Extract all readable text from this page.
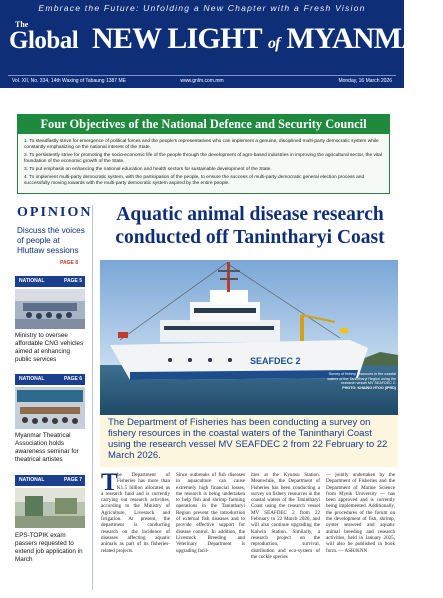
Embrace the Future: Unfolding a New Chapter with a Fresh Vision
The
Global NEW LIGHT of MYANMAR
Vol. XII, No. 334, 14th Waxing of Tabaung 1387 ME	www.gnlm.com.mm	Monday, 16 March 2026
Four Objectives of the National Defence and Security Council
1. To steadfastly strive for emergence of political forces and the people's representatives who can implement a genuine, disciplined multi-party democratic system while constantly emphasizing on the national interest of the State.
2. To persistently strive for promoting the socio-economic life of the people through the development of agro-based industries in improving the agricultural sector, the vital foundation of the economic growth of the State.
3. To put emphasis on enhancing the national education and health sectors for sustainable development of the State.
4. To implement multi-party democratic system, with the participation of the people, to ensure the success of multi-party democratic general election process and successfully moving towards with the multi-party democratic system aspired by the entire people.
OPINION
Discuss the voices of people at Hluttaw sessions
PAGE 8
NATIONAL	PAGE 5
Ministry to oversee affordable CNG vehicles aimed at enhancing public services
NATIONAL	PAGE 6
Myanmar Theatrical Association holds awareness seminar for theatrical artistes
NATIONAL	PAGE 7
EPS-TOPIK exam passers requested to extend job application in March
Aquatic animal disease research conducted off Tanintharyi Coast
SEAFDEC 2
Survey of fishery resources in the coastal waters of the Tanintharyi Region using the research vessel MV SEAFDEC 2.
PHOTO: KHAING HTOO (IPRD)
The Department of Fisheries has been conducting a survey on fishery resources in the coastal waters of the Tanintharyi Coast using the research vessel MV SEAFDEC 2 from 22 February to 22 March 2026.
T he Department of Fisheries has more than K1.5 billion allocated as a research fund and is currently carrying out research activities, according to the Ministry of Agriculture, Livestock and Irrigation. At present, the department is conducting research on the incidence of diseases affecting aquatic animals as part of its fisheries-related projects.
Since outbreaks of fish diseases in aquaculture can cause extremely high financial losses, the research is being undertaken to help fish and shrimp farming operations in the Tanintharyi Region prevent the introduction of external fish diseases and to provide effective support for disease control. In addition, the Livestock Breeding and Veterinary Department is upgrading facil-
ities at the Kyunsu Station. Meanwhile, the Department of Fisheries has been conducting a survey on fishery resources in the coastal waters of the Tanintharyi Coast using the research vessel MV SEAFDEC 2 from 22 February to 22 March 2026, and will also continue upgrading the Kalwin Station. Similarly, a research project on the reproduction, survival, distribution and eco-system of the cockle species
— jointly undertaken by the Department of Fisheries and the Department of Marine Science from Myeik University — has been approved and is currently being implemented. Additionally, the procedures of the forum on the development of fish, shrimp, oyster seaweed and aquatic animal breeding and research activities, held in January 2025, will also be published in book form. — ASH/KNN
